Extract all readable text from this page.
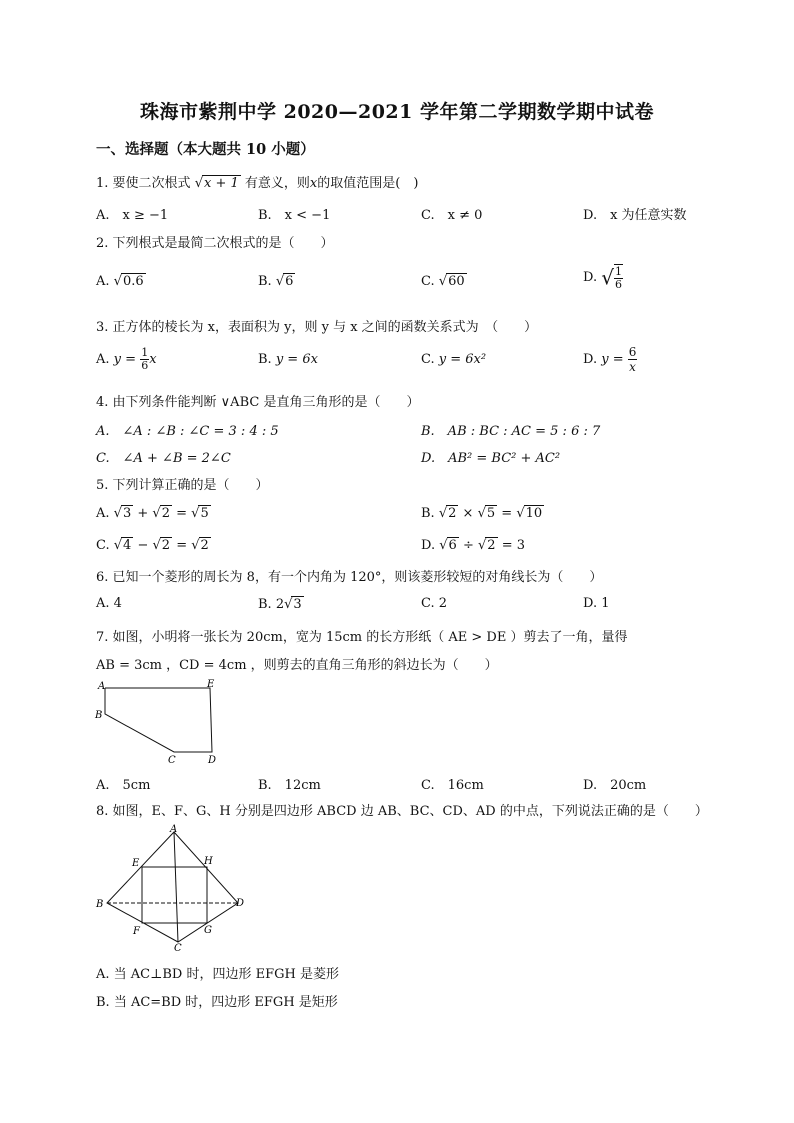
珠海市紫荆中学 2020—2021 学年第二学期数学期中试卷
一、选择题（本大题共 10 小题）
1. 要使二次根式 √x + 1 有意义，则x的取值范围是(　)
A.　x ≥ −1	B.　x < −1	C.　x ≠ 0	D.　x 为任意实数
2. 下列根式是最简二次根式的是（　　）
A. √0.6	B. √6	C. √60	D. √ $\frac{1}{6}$
3. 正方体的棱长为 x，表面积为 y，则 y 与 x 之间的函数关系式为　（　　）
A. $y = \frac{1}{6}$ x	B. y = 6x	C. y = 6x²	D. $y = \frac{6}{x}$
4. 由下列条件能判断 ∨ABC 是直角三角形的是（　　）
A.　∠A : ∠B : ∠C = 3 : 4 : 5	B.　AB : BC : AC = 5 : 6 : 7
C.　∠A + ∠B = 2∠C	D.　AB² = BC² + AC²
5. 下列计算正确的是（　　）
A. √3 + √2 = √5	B. √2 × √5 = √10
C. √4 − √2 = √2	D. √6 ÷ √2 = 3
6. 已知一个菱形的周长为 8，有一个内角为 120°，则该菱形较短的对角线长为（　　）
A. 4	B. 2√3	C. 2	D. 1
7. 如图，小明将一张长为 20cm，宽为 15cm 的长方形纸（ AE > DE ）剪去了一角，量得
AB = 3cm ，CD = 4cm ，则剪去的直角三角形的斜边长为（　　）
A	E
B
C	D
A.　5cm	B.　12cm	C.　16cm	D.　20cm
8. 如图，E、F、G、H 分别是四边形 ABCD 边 AB、BC、CD、AD 的中点，下列说法正确的是（　　）
A
E	H
B	D
F	G
C
A. 当 AC⊥BD 时，四边形 EFGH 是菱形
B. 当 AC=BD 时，四边形 EFGH 是矩形
